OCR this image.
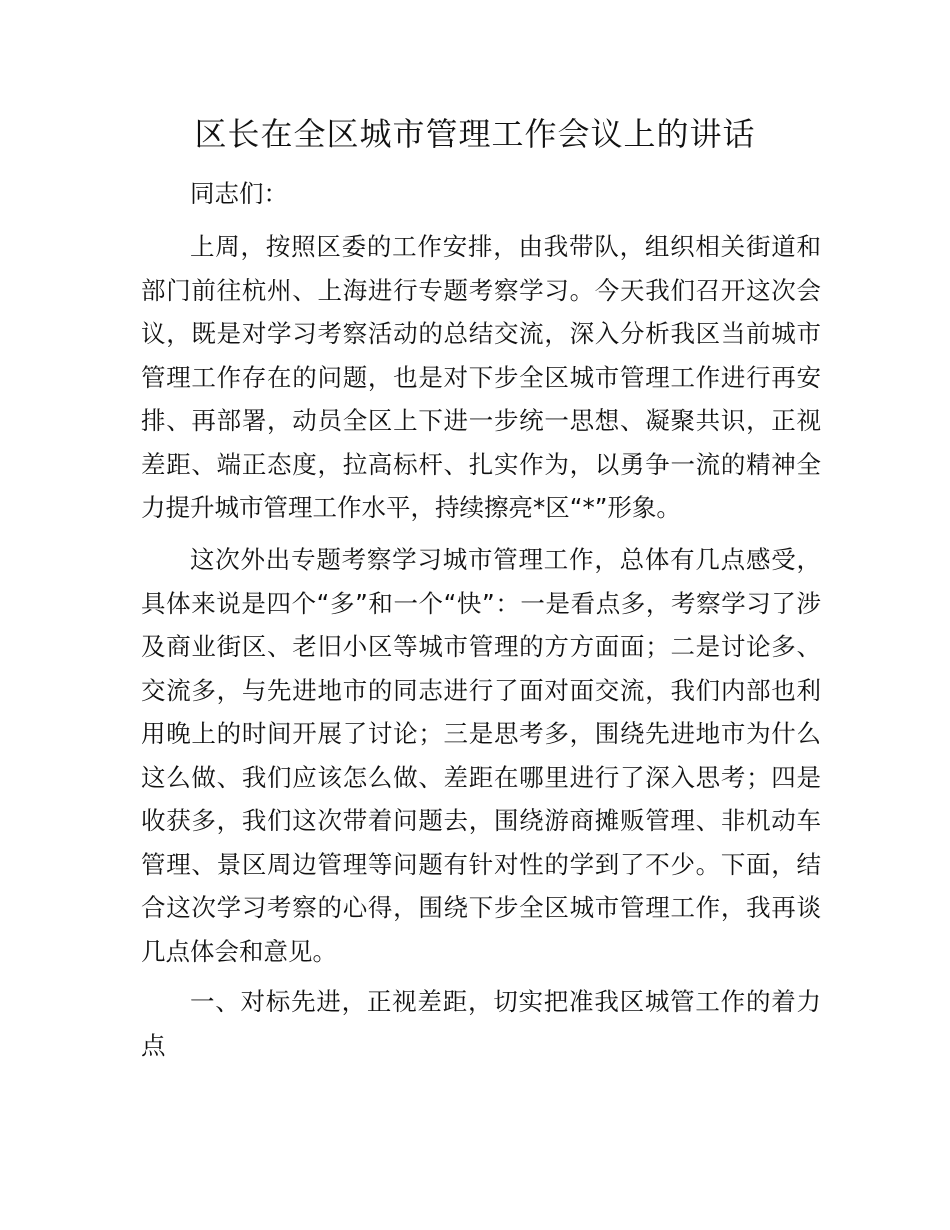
区长在全区城市管理工作会议上的讲话

同志们：

上周，按照区委的工作安排，由我带队，组织相关街道和部门前往杭州、上海进行专题考察学习。今天我们召开这次会议，既是对学习考察活动的总结交流，深入分析我区当前城市管理工作存在的问题，也是对下步全区城市管理工作进行再安排、再部署，动员全区上下进一步统一思想、凝聚共识，正视差距、端正态度，拉高标杆、扎实作为，以勇争一流的精神全力提升城市管理工作水平，持续擦亮*区“*”形象。

这次外出专题考察学习城市管理工作，总体有几点感受，具体来说是四个“多”和一个“快”：一是看点多，考察学习了涉及商业街区、老旧小区等城市管理的方方面面；二是讨论多、交流多，与先进地市的同志进行了面对面交流，我们内部也利用晚上的时间开展了讨论；三是思考多，围绕先进地市为什么这么做、我们应该怎么做、差距在哪里进行了深入思考；四是收获多，我们这次带着问题去，围绕游商摊贩管理、非机动车管理、景区周边管理等问题有针对性的学到了不少。下面，结合这次学习考察的心得，围绕下步全区城市管理工作，我再谈几点体会和意见。

一、对标先进，正视差距，切实把准我区城管工作的着力点
